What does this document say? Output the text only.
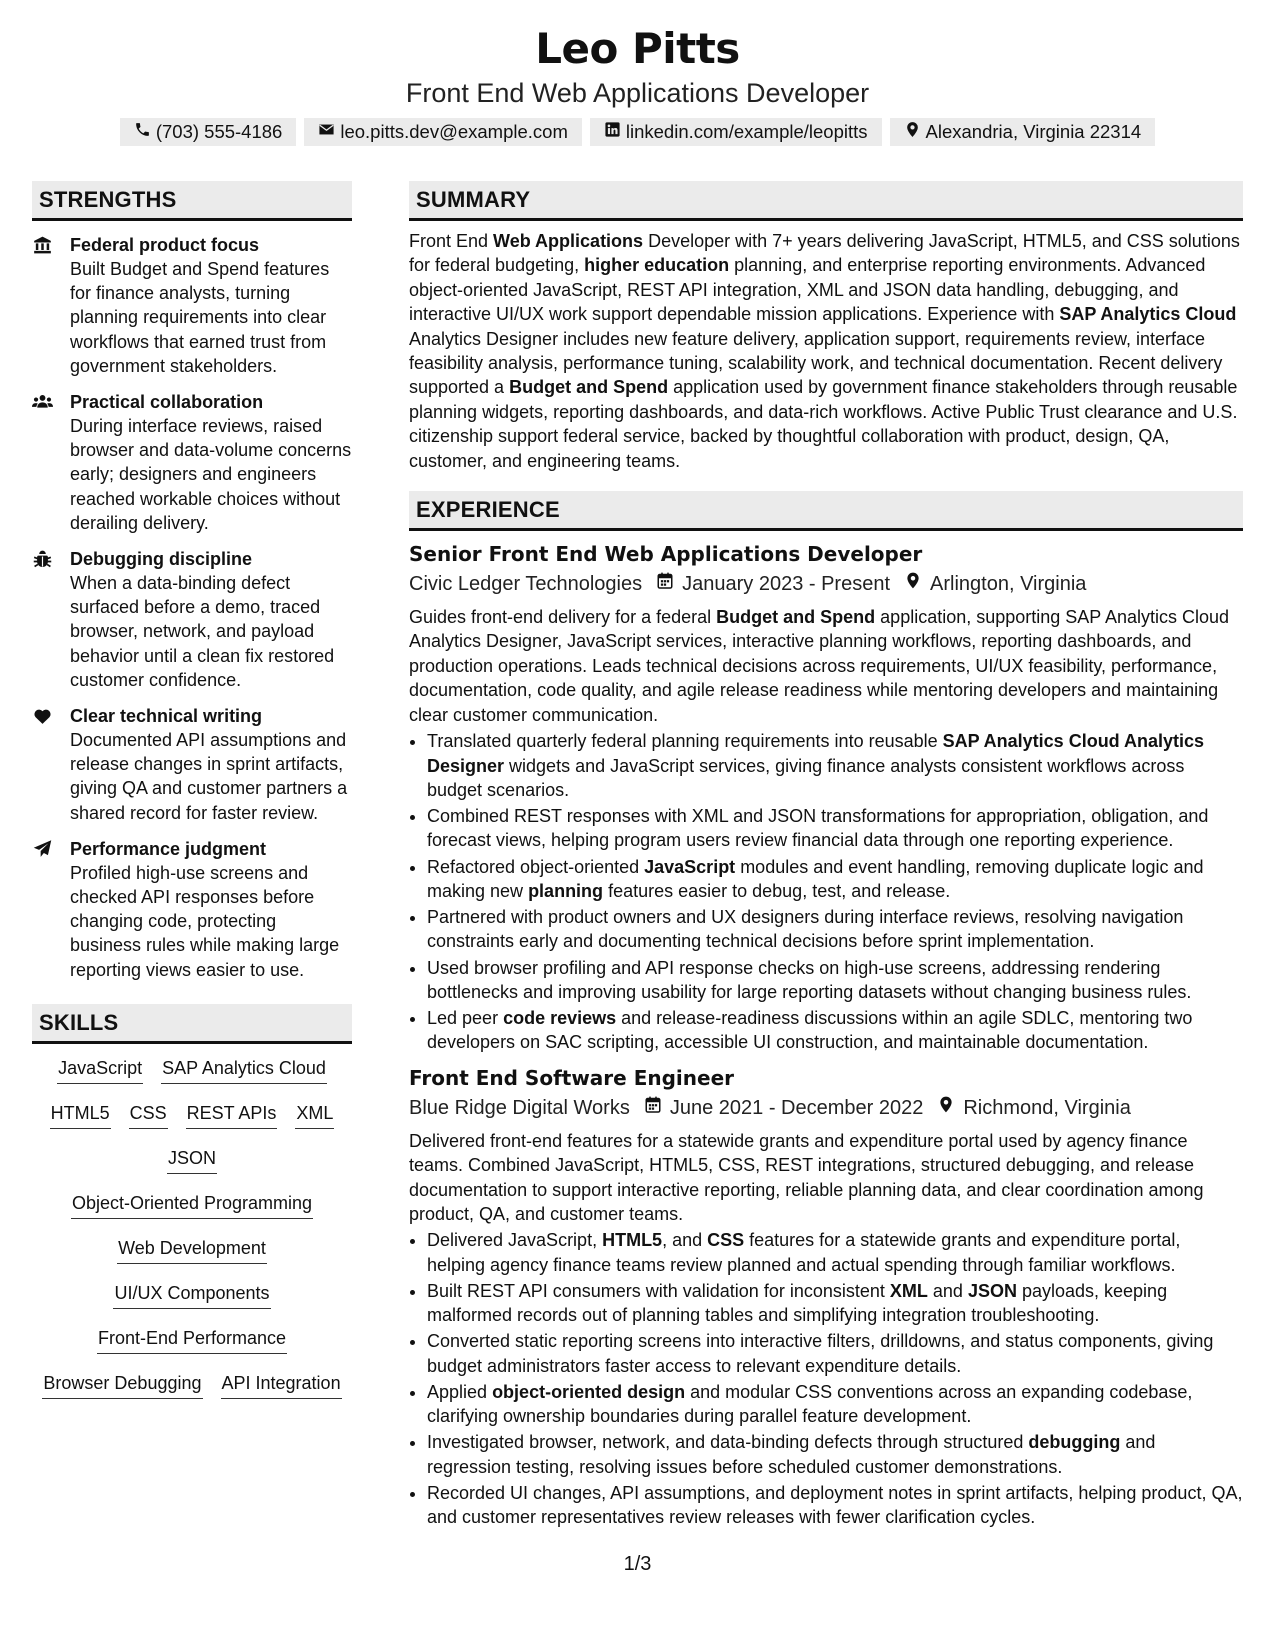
Leo Pitts
Front End Web Applications Developer
(703) 555-4186	leo.pitts.dev@example.com	linkedin.com/example/leopitts	Alexandria, Virginia 22314
STRENGTHS
Federal product focus
Built Budget and Spend features for finance analysts, turning planning requirements into clear workflows that earned trust from government stakeholders.
Practical collaboration
During interface reviews, raised browser and data-volume concerns early; designers and engineers reached workable choices without derailing delivery.
Debugging discipline
When a data-binding defect surfaced before a demo, traced browser, network, and payload behavior until a clean fix restored customer confidence.
Clear technical writing
Documented API assumptions and release changes in sprint artifacts, giving QA and customer partners a shared record for faster review.
Performance judgment
Profiled high-use screens and checked API responses before changing code, protecting business rules while making large reporting views easier to use.
SKILLS
JavaScript SAP Analytics Cloud
HTML5 CSS REST APIs XML
JSON
Object-Oriented Programming
Web Development
UI/UX Components
Front-End Performance
Browser Debugging API Integration
SUMMARY
Front End Web Applications Developer with 7+ years delivering JavaScript, HTML5, and CSS solutions for federal budgeting, higher education planning, and enterprise reporting environments. Advanced object-oriented JavaScript, REST API integration, XML and JSON data handling, debugging, and interactive UI/UX work support dependable mission applications. Experience with SAP Analytics Cloud Analytics Designer includes new feature delivery, application support, requirements review, interface feasibility analysis, performance tuning, scalability work, and technical documentation. Recent delivery supported a Budget and Spend application used by government finance stakeholders through reusable planning widgets, reporting dashboards, and data-rich workflows. Active Public Trust clearance and U.S. citizenship support federal service, backed by thoughtful collaboration with product, design, QA, customer, and engineering teams.
EXPERIENCE
Senior Front End Web Applications Developer
Civic Ledger Technologies January 2023 - Present Arlington, Virginia
Guides front-end delivery for a federal Budget and Spend application, supporting SAP Analytics Cloud Analytics Designer, JavaScript services, interactive planning workflows, reporting dashboards, and production operations. Leads technical decisions across requirements, UI/UX feasibility, performance, documentation, code quality, and agile release readiness while mentoring developers and maintaining clear customer communication.
• Translated quarterly federal planning requirements into reusable SAP Analytics Cloud Analytics Designer widgets and JavaScript services, giving finance analysts consistent workflows across budget scenarios.
• Combined REST responses with XML and JSON transformations for appropriation, obligation, and forecast views, helping program users review financial data through one reporting experience.
• Refactored object-oriented JavaScript modules and event handling, removing duplicate logic and making new planning features easier to debug, test, and release.
• Partnered with product owners and UX designers during interface reviews, resolving navigation constraints early and documenting technical decisions before sprint implementation.
• Used browser profiling and API response checks on high-use screens, addressing rendering bottlenecks and improving usability for large reporting datasets without changing business rules.
• Led peer code reviews and release-readiness discussions within an agile SDLC, mentoring two developers on SAC scripting, accessible UI construction, and maintainable documentation.
Front End Software Engineer
Blue Ridge Digital Works June 2021 - December 2022 Richmond, Virginia
Delivered front-end features for a statewide grants and expenditure portal used by agency finance teams. Combined JavaScript, HTML5, CSS, REST integrations, structured debugging, and release documentation to support interactive reporting, reliable planning data, and clear coordination among product, QA, and customer teams.
• Delivered JavaScript, HTML5, and CSS features for a statewide grants and expenditure portal, helping agency finance teams review planned and actual spending through familiar workflows.
• Built REST API consumers with validation for inconsistent XML and JSON payloads, keeping malformed records out of planning tables and simplifying integration troubleshooting.
• Converted static reporting screens into interactive filters, drilldowns, and status components, giving budget administrators faster access to relevant expenditure details.
• Applied object-oriented design and modular CSS conventions across an expanding codebase, clarifying ownership boundaries during parallel feature development.
• Investigated browser, network, and data-binding defects through structured debugging and regression testing, resolving issues before scheduled customer demonstrations.
• Recorded UI changes, API assumptions, and deployment notes in sprint artifacts, helping product, QA, and customer representatives review releases with fewer clarification cycles.
1/3
